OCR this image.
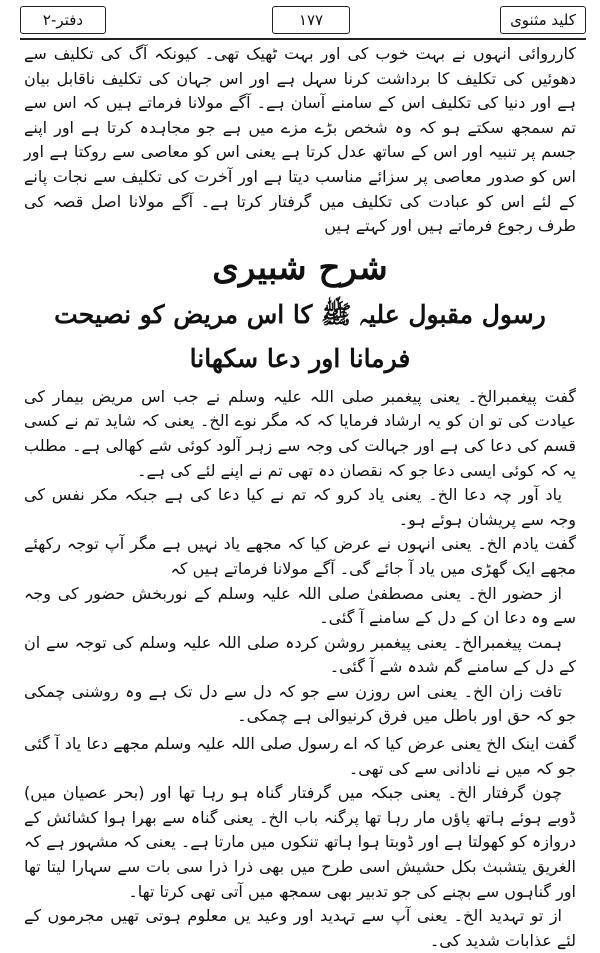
کلید مثنوی
۱۷۷
دفتر-۲

کارروائی انہوں نے بہت خوب کی اور بہت ٹھیک تھی۔ کیونکہ آگ کی تکلیف سے دھوئیں کی تکلیف کا برداشت کرنا سہل ہے اور اس جہان کی تکلیف ناقابل بیان ہے اور دنیا کی تکلیف اس کے سامنے آسان ہے۔ آگے مولانا فرماتے ہیں کہ اس سے تم سمجھ سکتے ہو کہ وہ شخص بڑے مزے میں ہے جو مجاہدہ کرتا ہے اور اپنے جسم پر تنبیہ اور اس کے ساتھ عدل کرتا ہے یعنی اس کو معاصی سے روکتا ہے اور اس کو صدور معاصی پر سزائے مناسب دیتا ہے اور آخرت کی تکلیف سے نجات پانے کے لئے اس کو عبادت کی تکلیف میں گرفتار کرتا ہے۔ آگے مولانا اصل قصہ کی طرف رجوع فرماتے ہیں اور کہتے ہیں

شرح شبیری
رسول مقبول علیہ ﷺ کا اس مریض کو نصیحت فرمانا اور دعا سکھانا

گفت پیغمبرالخ۔ یعنی پیغمبر صلی اللہ علیہ وسلم نے جب اس مریض بیمار کی عیادت کی تو ان کو یہ ارشاد فرمایا کہ کہ مگر نوے الخ۔ یعنی کہ شاید تم نے کسی قسم کی دعا کی ہے اور جہالت کی وجہ سے زہر آلود کوئی شے کھالی ہے۔ مطلب یہ کہ کوئی ایسی دعا جو کہ نقصان دہ تھی تم نے اپنے لئے کی ہے۔

یاد آور چہ دعا الخ۔ یعنی یاد کرو کہ تم نے کیا دعا کی ہے جبکہ مکر نفس کی وجہ سے پریشان ہوئے ہو۔

گفت یادم الخ۔ یعنی انہوں نے عرض کیا کہ مجھے یاد نہیں ہے مگر آپ توجہ رکھئے مجھے ایک گھڑی میں یاد آ جائے گی۔ آگے مولانا فرماتے ہیں کہ

از حضور الخ۔ یعنی مصطفیٰ صلی اللہ علیہ وسلم کے نوربخش حضور کی وجہ سے وہ دعا ان کے دل کے سامنے آ گئی۔

ہمت پیغمبرالخ۔ یعنی پیغمبر روشن کردہ صلی اللہ علیہ وسلم کی توجہ سے ان کے دل کے سامنے گم شدہ شے آ گئی۔

تافت زان الخ۔ یعنی اس روزن سے جو کہ دل سے دل تک ہے وہ روشنی چمکی جو کہ حق اور باطل میں فرق کرنیوالی ہے چمکی۔

گفت اینک الخ یعنی عرض کیا کہ اے رسول صلی اللہ علیہ وسلم مجھے دعا یاد آ گئی جو کہ میں نے نادانی سے کی تھی۔

چون گرفتار الخ۔ یعنی جبکہ میں گرفتار گناہ ہو رہا تھا اور (بحر عصیان میں) ڈوبے ہوئے ہاتھ پاؤں مار رہا تھا پرگنہ باب الخ۔ یعنی گناہ سے بھرا ہوا کشائش کے دروازہ کو کھولتا ہے اور ڈوبتا ہوا ہاتھ تنکوں میں مارتا ہے۔ یعنی کہ مشہور ہے کہ الغریق یتشبث بکل حشیش اسی طرح میں بھی ذرا ذرا سی بات سے سہارا لیتا تھا اور گناہوں سے بچنے کی جو تدبیر بھی سمجھ میں آتی تھی کرتا تھا۔

از تو تہدید الخ۔ یعنی آپ سے تہدید اور وعید یں معلوم ہوتی تھیں مجرموں کے لئے عذابات شدید کی۔
